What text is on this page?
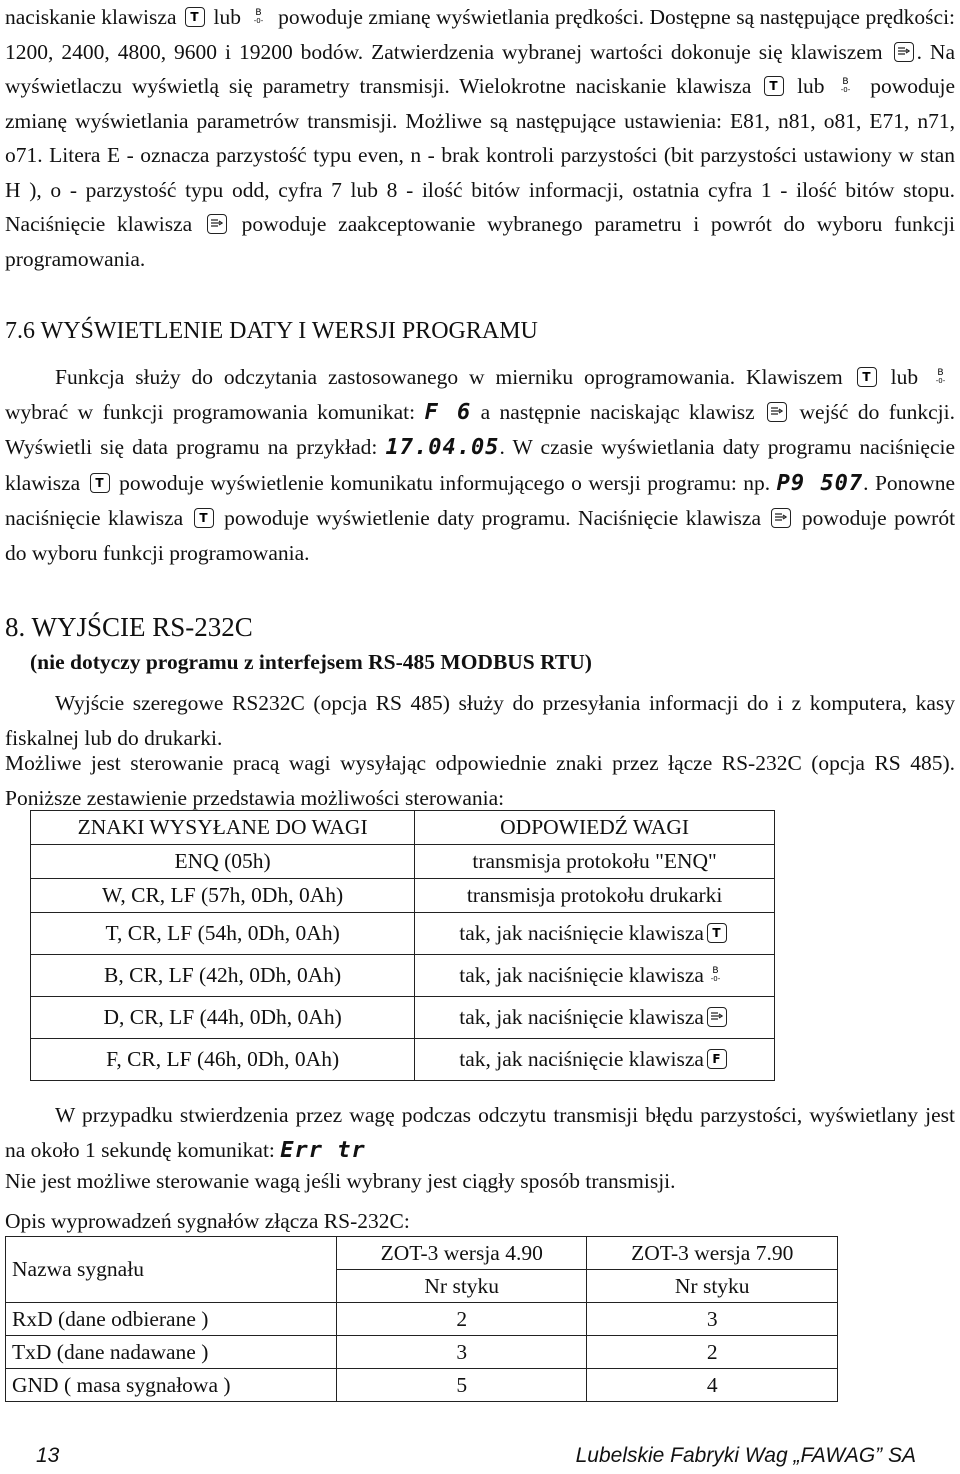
naciskanie klawisza T lub B
-0- powoduje zmianę wyświetlania prędkości. Dostępne są następujące prędkości: 1200, 2400, 4800, 9600 i 19200 bodów. Zatwierdzenia wybranej wartości dokonuje się klawiszem . Na wyświetlaczu wyświetlą się parametry transmisji. Wielokrotne naciskanie klawisza T lub B
-0- powoduje zmianę wyświetlania parametrów transmisji. Możliwe są następujące ustawienia: E81, n81, o81, E71, n71, o71. Litera E - oznacza parzystość typu even, n - brak kontroli parzystości (bit parzystości ustawiony w stan H ), o - parzystość typu odd, cyfra 7 lub 8 - ilość bitów informacji, ostatnia cyfra 1 - ilość bitów stopu. Naciśnięcie klawisza powoduje zaakceptowanie wybranego parametru i powrót do wyboru funkcji programowania.

7.6 WYŚWIETLENIE DATY I WERSJI PROGRAMU

Funkcja służy do odczytania zastosowanego w mierniku oprogramowania. Klawiszem T lub B
-0-
wybrać w funkcji programowania komunikat: F 6 a następnie naciskając klawisz wejść do funkcji. Wyświetli się data programu na przykład: 17.04.05. W czasie wyświetlania daty programu naciśnięcie klawisza T powoduje wyświetlenie komunikatu informującego o wersji programu: np. P9 507. Ponowne naciśnięcie klawisza T powoduje wyświetlenie daty programu. Naciśnięcie klawisza powoduje powrót do wyboru funkcji programowania.

8. WYJŚCIE RS-232C
(nie dotyczy programu z interfejsem RS-485 MODBUS RTU)

Wyjście szeregowe RS232C (opcja RS 485) służy do przesyłania informacji do i z komputera, kasy fiskalnej lub do drukarki.

Możliwe jest sterowanie pracą wagi wysyłając odpowiednie znaki przez łącze RS-232C (opcja RS 485). Poniższe zestawienie przedstawia możliwości sterowania:

ZNAKI WYSYŁANE DO WAGI	ODPOWIEDŹ WAGI
ENQ (05h)	transmisja protokołu "ENQ"
W, CR, LF (57h, 0Dh, 0Ah)	transmisja protokołu drukarki
T, CR, LF (54h, 0Dh, 0Ah)	tak, jak naciśnięcie klawisza T

B, CR, LF (42h, 0Dh, 0Ah)	tak, jak naciśnięcie klawisza B
-0-

D, CR, LF (44h, 0Dh, 0Ah)	tak, jak naciśnięcie klawisza

F, CR, LF (46h, 0Dh, 0Ah)	tak, jak naciśnięcie klawisza F

W przypadku stwierdzenia przez wagę podczas odczytu transmisji błędu parzystości, wyświetlany jest na około 1 sekundę komunikat: Err tr

Nie jest możliwe sterowanie wagą jeśli wybrany jest ciągły sposób transmisji.

Opis wyprowadzeń sygnałów złącza RS-232C:

Nazwa sygnału	ZOT-3 wersja 4.90	ZOT-3 wersja 7.90
	Nr styku	Nr styku
RxD (dane odbierane )	2	3
TxD (dane nadawane )	3	2
GND ( masa sygnałowa )	5	4
13	Lubelskie Fabryki Wag „FAWAG” SA
